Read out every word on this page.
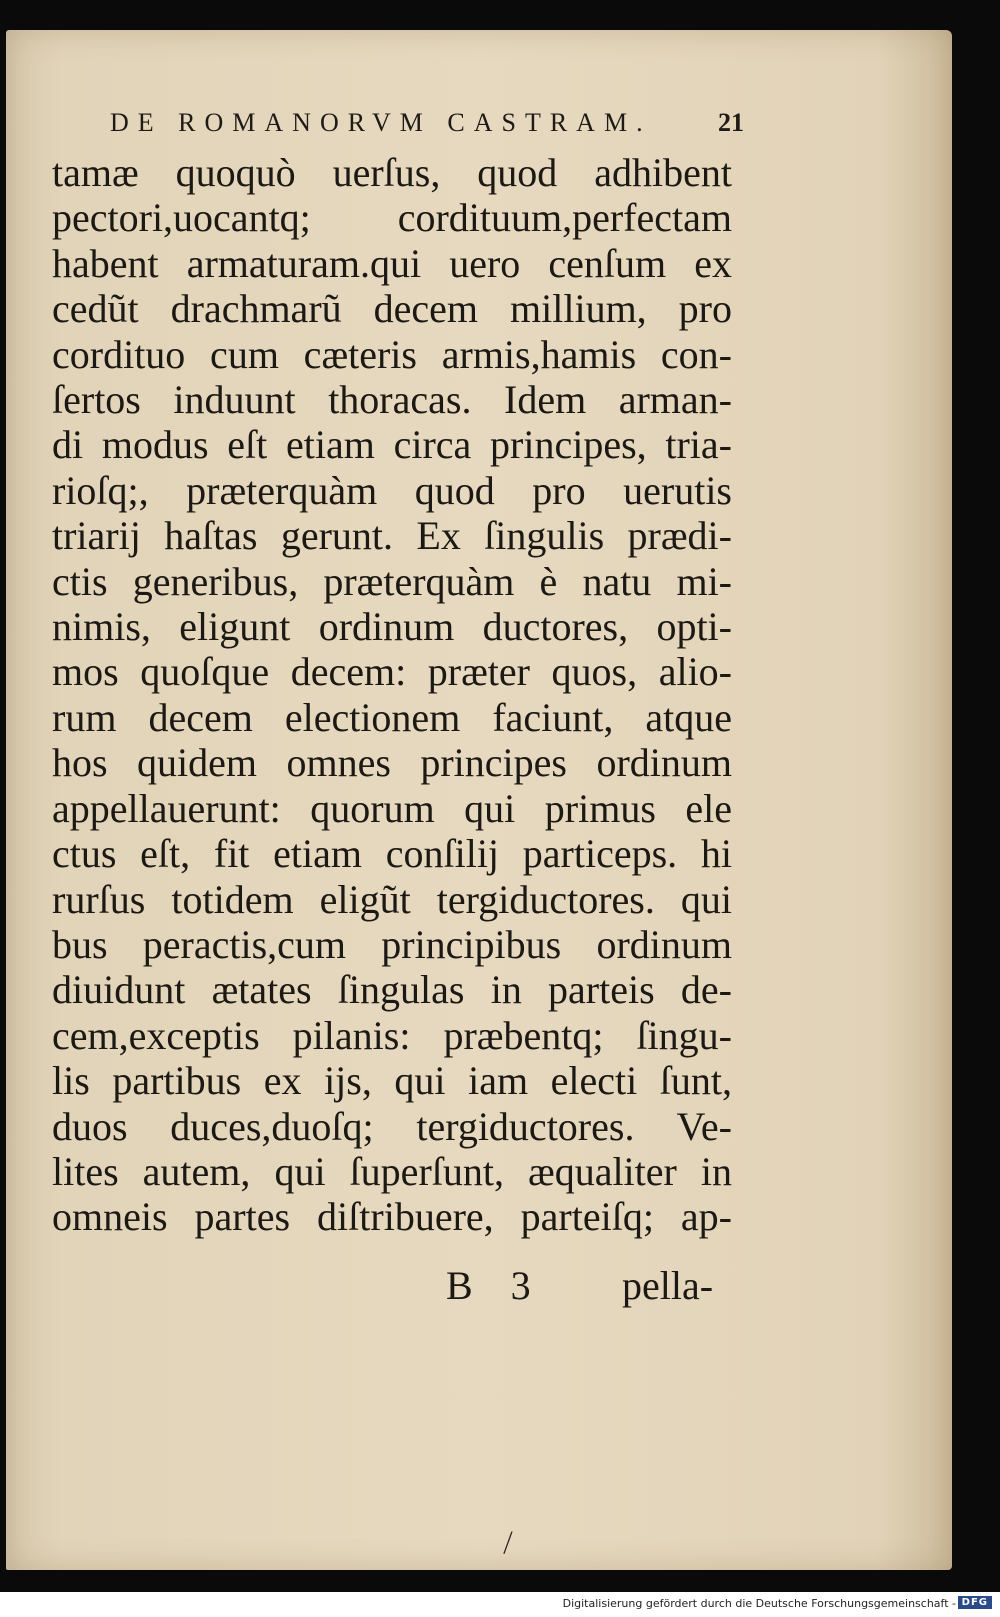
DE ROMANORVM CASTRAM.	21
tamæ quoquò uerſus, quod adhibent
pectori,uocantq; cordituum,perfectam
habent armaturam.qui uero cenſum ex
cedũt drachmarũ decem millium, pro
cordituo cum cæteris armis,hamis con-
ſertos induunt thoracas. Idem arman-
di modus eſt etiam circa principes, tria-
rioſq;, præterquàm quod pro uerutis
triarij haſtas gerunt. Ex ſingulis prædi-
ctis generibus, præterquàm è natu mi-
nimis, eligunt ordinum ductores, opti-
mos quoſque decem: præter quos, alio-
rum decem electionem faciunt, atque
hos quidem omnes principes ordinum
appellauerunt: quorum qui primus ele
ctus eſt, fit etiam conſilij particeps. hi
rurſus totidem eligũt tergiductores. qui
bus peractis,cum principibus ordinum
diuidunt ætates ſingulas in parteis de-
cem,exceptis pilanis: præbentq; ſingu-
lis partibus ex ijs, qui iam electi ſunt,
duos duces,duoſq; tergiductores. Ve-
lites autem, qui ſuperſunt, æqualiter in
omneis partes diſtribuere, parteiſq; ap-
B 3 pella-
|
Digitalisierung gefördert durch die Deutsche Forschungsgemeinschaft - DFG
